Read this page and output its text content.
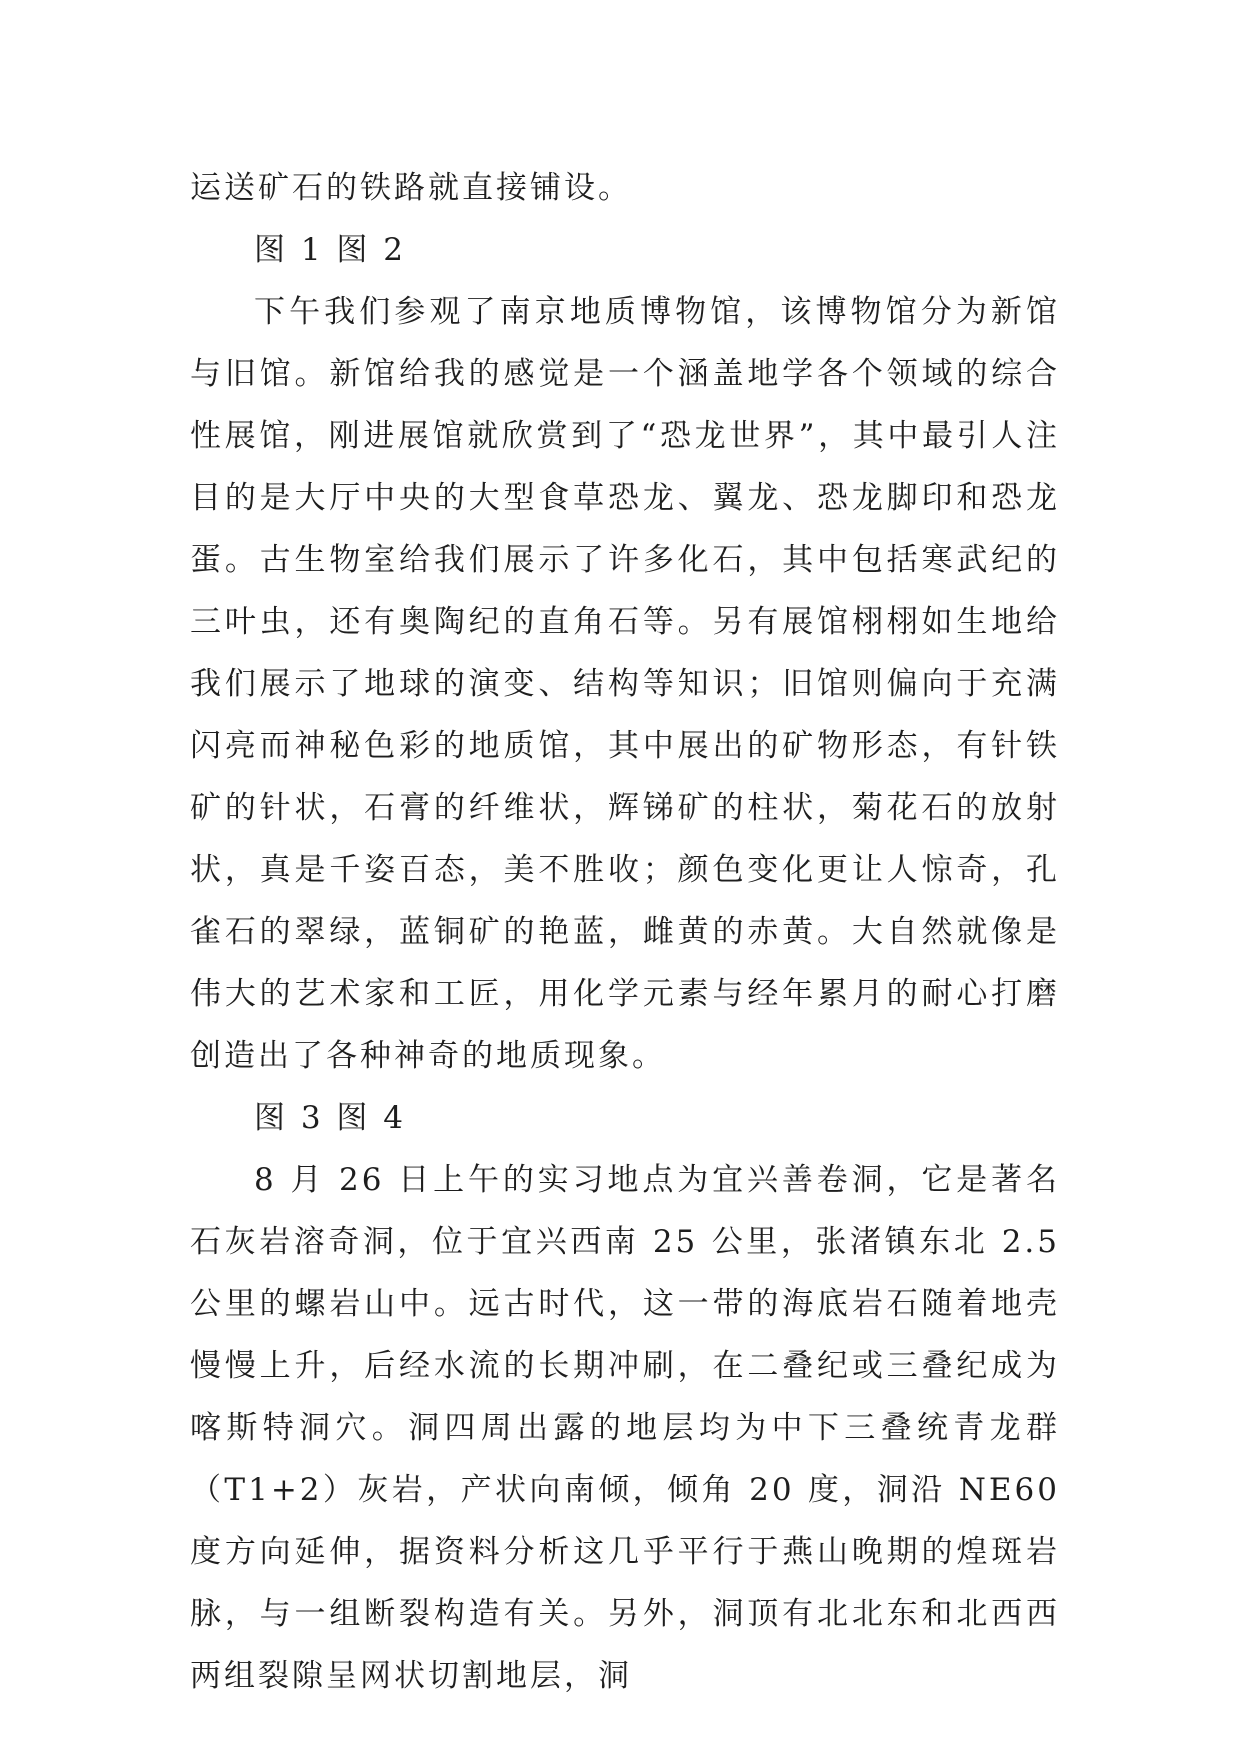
运送矿石的铁路就直接铺设。

图 1 图 2

下午我们参观了南京地质博物馆，该博物馆分为新馆与旧馆。新馆给我的感觉是一个涵盖地学各个领域的综合性展馆，刚进展馆就欣赏到了“恐龙世界”，其中最引人注目的是大厅中央的大型食草恐龙、翼龙、恐龙脚印和恐龙蛋。古生物室给我们展示了许多化石，其中包括寒武纪的三叶虫，还有奥陶纪的直角石等。另有展馆栩栩如生地给我们展示了地球的演变、结构等知识；旧馆则偏向于充满闪亮而神秘色彩的地质馆，其中展出的矿物形态，有针铁矿的针状，石膏的纤维状，辉锑矿的柱状，菊花石的放射状，真是千姿百态，美不胜收；颜色变化更让人惊奇，孔雀石的翠绿，蓝铜矿的艳蓝，雌黄的赤黄。大自然就像是伟大的艺术家和工匠，用化学元素与经年累月的耐心打磨创造出了各种神奇的地质现象。

图 3 图 4

8 月 26 日上午的实习地点为宜兴善卷洞，它是著名石灰岩溶奇洞，位于宜兴西南 25 公里，张渚镇东北 2.5 公里的螺岩山中。远古时代，这一带的海底岩石随着地壳慢慢上升，后经水流的长期冲刷，在二叠纪或三叠纪成为喀斯特洞穴。洞四周出露的地层均为中下三叠统青龙群（T1+2）灰岩，产状向南倾，倾角 20 度，洞沿 NE60 度方向延伸，据资料分析这几乎平行于燕山晚期的煌斑岩脉，与一组断裂构造有关。另外，洞顶有北北东和北西西两组裂隙呈网状切割地层，洞
